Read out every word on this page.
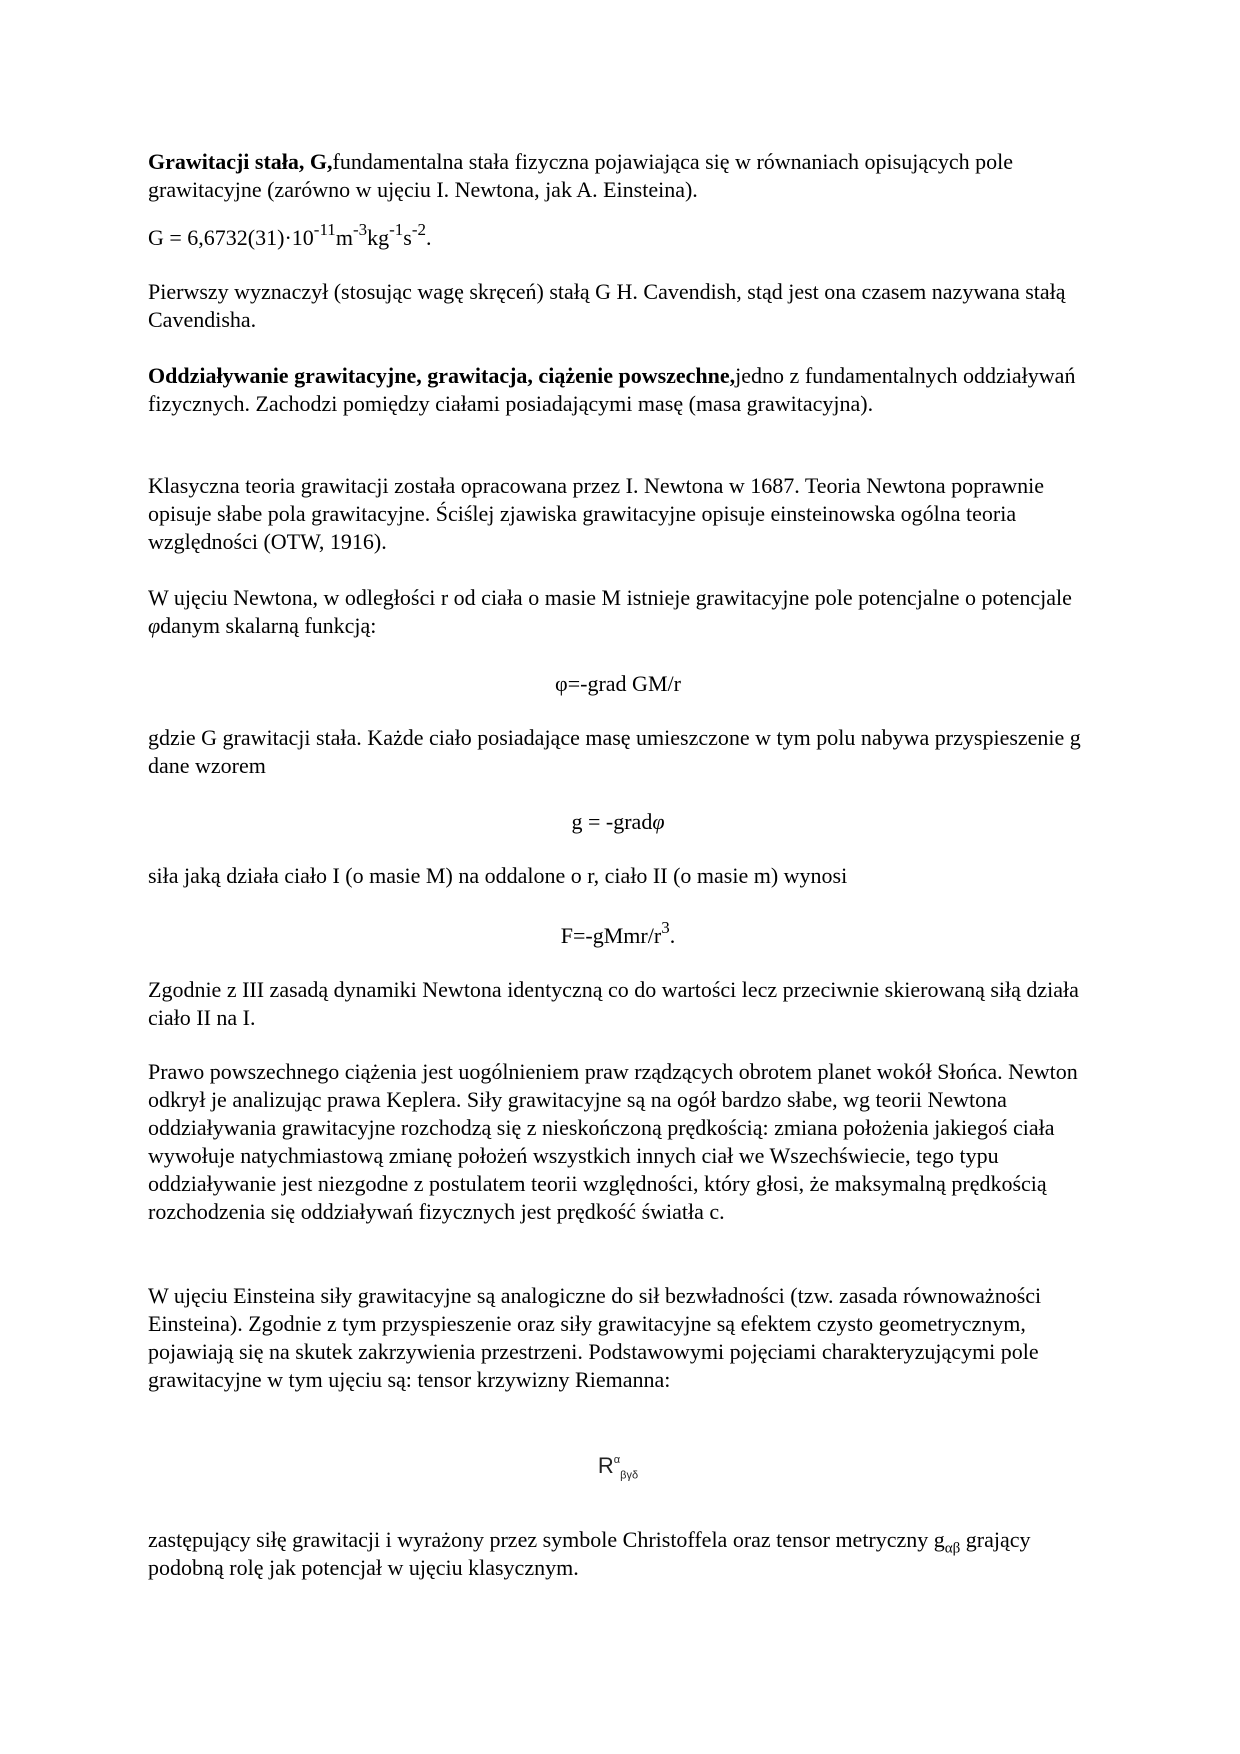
Grawitacji stała, G,fundamentalna stała fizyczna pojawiająca się w równaniach opisujących pole grawitacyjne (zarówno w ujęciu I. Newtona, jak A. Einsteina).

$G = 6,6732(31)\cdot 10^{-11}m^{-3}kg^{-1}s^{-2}$.

Pierwszy wyznaczył (stosując wagę skręceń) stałą G H. Cavendish, stąd jest ona czasem nazywana stałą Cavendisha.

Oddziaływanie grawitacyjne, grawitacja, ciążenie powszechne,jedno z fundamentalnych oddziaływań fizycznych. Zachodzi pomiędzy ciałami posiadającymi masę (masa grawitacyjna).

Klasyczna teoria grawitacji została opracowana przez I. Newtona w 1687. Teoria Newtona poprawnie opisuje słabe pola grawitacyjne. Ściślej zjawiska grawitacyjne opisuje einsteinowska ogólna teoria względności (OTW, 1916).

W ujęciu Newtona, w odległości r od ciała o masie M istnieje grawitacyjne pole potencjalne o potencjale φdanym skalarną funkcją:

φ=-grad GM/r

gdzie G grawitacji stała. Każde ciało posiadające masę umieszczone w tym polu nabywa przyspieszenie g dane wzorem

g = -gradφ

siła jaką działa ciało I (o masie M) na oddalone o r, ciało II (o masie m) wynosi

$F=-gMmr/r^3$.

Zgodnie z III zasadą dynamiki Newtona identyczną co do wartości lecz przeciwnie skierowaną siłą działa ciało II na I.

Prawo powszechnego ciążenia jest uogólnieniem praw rządzących obrotem planet wokół Słońca. Newton odkrył je analizując prawa Keplera. Siły grawitacyjne są na ogół bardzo słabe, wg teorii Newtona oddziaływania grawitacyjne rozchodzą się z nieskończoną prędkością: zmiana położenia jakiegoś ciała wywołuje natychmiastową zmianę położeń wszystkich innych ciał we Wszechświecie, tego typu oddziaływanie jest niezgodne z postulatem teorii względności, który głosi, że maksymalną prędkością rozchodzenia się oddziaływań fizycznych jest prędkość światła c.

W ujęciu Einsteina siły grawitacyjne są analogiczne do sił bezwładności (tzw. zasada równoważności Einsteina). Zgodnie z tym przyspieszenie oraz siły grawitacyjne są efektem czysto geometrycznym, pojawiają się na skutek zakrzywienia przestrzeni. Podstawowymi pojęciami charakteryzującymi pole grawitacyjne w tym ujęciu są: tensor krzywizny Riemanna:

$R^\alpha_{\beta\gamma\delta}$

zastępujący siłę grawitacji i wyrażony przez symbole Christoffela oraz tensor metryczny $g_{\alpha\beta}$ grający podobną rolę jak potencjał w ujęciu klasycznym.
